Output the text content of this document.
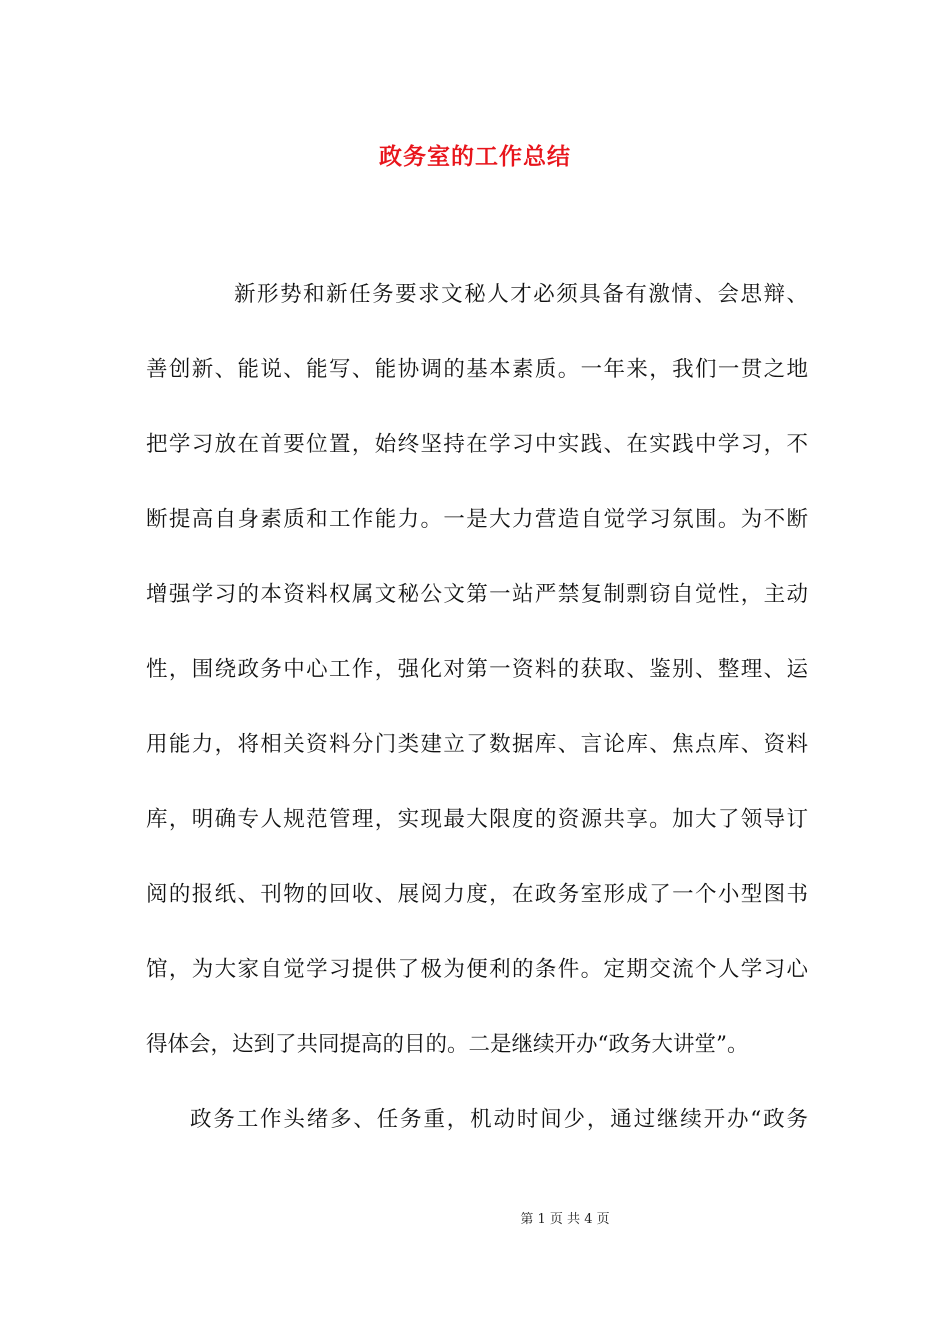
政务室的工作总结
新形势和新任务要求文秘人才必须具备有激情、会思辩、
善创新、能说、能写、能协调的基本素质。一年来，我们一贯之地
把学习放在首要位置，始终坚持在学习中实践、在实践中学习，不
断提高自身素质和工作能力。一是大力营造自觉学习氛围。为不断
增强学习的本资料权属文秘公文第一站严禁复制剽窃自觉性，主动
性，围绕政务中心工作，强化对第一资料的获取、鉴别、整理、运
用能力，将相关资料分门类建立了数据库、言论库、焦点库、资料
库，明确专人规范管理，实现最大限度的资源共享。加大了领导订
阅的报纸、刊物的回收、展阅力度，在政务室形成了一个小型图书
馆，为大家自觉学习提供了极为便利的条件。定期交流个人学习心
得体会，达到了共同提高的目的。二是继续开办“政务大讲堂”。
政务工作头绪多、任务重，机动时间少，通过继续开办“政务
第 1 页 共 4 页
